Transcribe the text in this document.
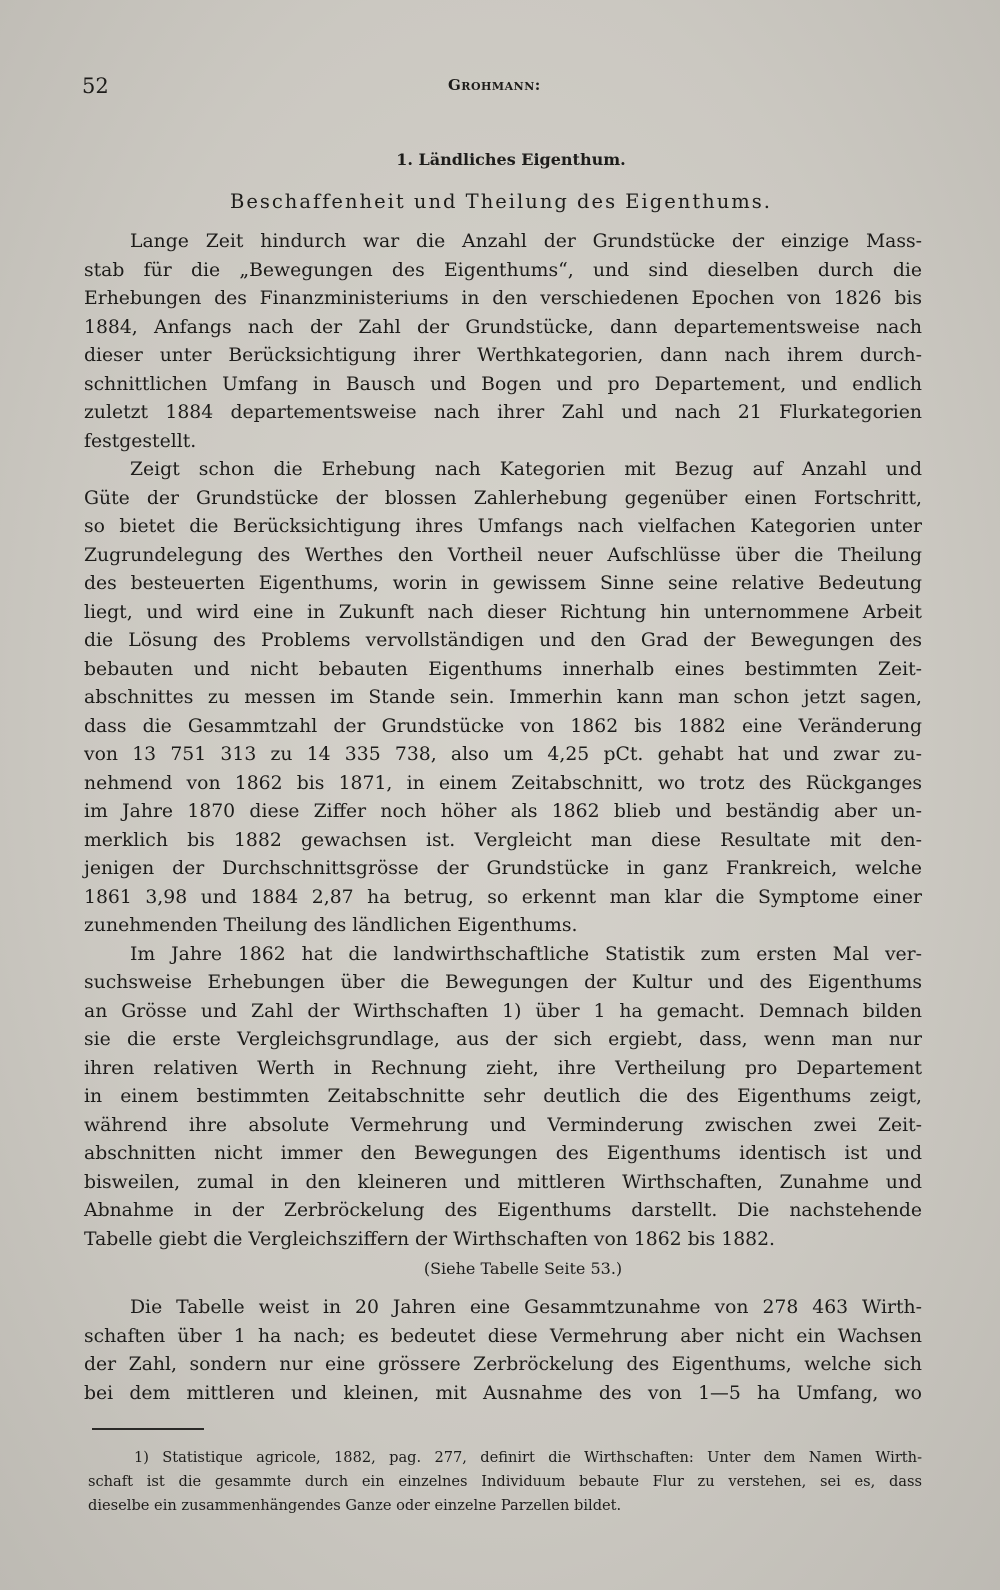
52	Grohmann:
1. Ländliches Eigenthum.
Beschaffenheit und Theilung des Eigenthums.
Lange Zeit hindurch war die Anzahl der Grundstücke der einzige Mass-
stab für die „Bewegungen des Eigenthums“, und sind dieselben durch die
Erhebungen des Finanzministeriums in den verschiedenen Epochen von 1826 bis
1884, Anfangs nach der Zahl der Grundstücke, dann departementsweise nach
dieser unter Berücksichtigung ihrer Werthkategorien, dann nach ihrem durch-
schnittlichen Umfang in Bausch und Bogen und pro Departement, und endlich
zuletzt 1884 departementsweise nach ihrer Zahl und nach 21 Flurkategorien
festgestellt.
Zeigt schon die Erhebung nach Kategorien mit Bezug auf Anzahl und
Güte der Grundstücke der blossen Zahlerhebung gegenüber einen Fortschritt,
so bietet die Berücksichtigung ihres Umfangs nach vielfachen Kategorien unter
Zugrundelegung des Werthes den Vortheil neuer Aufschlüsse über die Theilung
des besteuerten Eigenthums, worin in gewissem Sinne seine relative Bedeutung
liegt, und wird eine in Zukunft nach dieser Richtung hin unternommene Arbeit
die Lösung des Problems vervollständigen und den Grad der Bewegungen des
bebauten und nicht bebauten Eigenthums innerhalb eines bestimmten Zeit-
abschnittes zu messen im Stande sein. Immerhin kann man schon jetzt sagen,
dass die Gesammtzahl der Grundstücke von 1862 bis 1882 eine Veränderung
von 13 751 313 zu 14 335 738, also um 4,25 pCt. gehabt hat und zwar zu-
nehmend von 1862 bis 1871, in einem Zeitabschnitt, wo trotz des Rückganges
im Jahre 1870 diese Ziffer noch höher als 1862 blieb und beständig aber un-
merklich bis 1882 gewachsen ist. Vergleicht man diese Resultate mit den-
jenigen der Durchschnittsgrösse der Grundstücke in ganz Frankreich, welche
1861 3,98 und 1884 2,87 ha betrug, so erkennt man klar die Symptome einer
zunehmenden Theilung des ländlichen Eigenthums.
Im Jahre 1862 hat die landwirthschaftliche Statistik zum ersten Mal ver-
suchsweise Erhebungen über die Bewegungen der Kultur und des Eigenthums
an Grösse und Zahl der Wirthschaften 1) über 1 ha gemacht. Demnach bilden
sie die erste Vergleichsgrundlage, aus der sich ergiebt, dass, wenn man nur
ihren relativen Werth in Rechnung zieht, ihre Vertheilung pro Departement
in einem bestimmten Zeitabschnitte sehr deutlich die des Eigenthums zeigt,
während ihre absolute Vermehrung und Verminderung zwischen zwei Zeit-
abschnitten nicht immer den Bewegungen des Eigenthums identisch ist und
bisweilen, zumal in den kleineren und mittleren Wirthschaften, Zunahme und
Abnahme in der Zerbröckelung des Eigenthums darstellt. Die nachstehende
Tabelle giebt die Vergleichsziffern der Wirthschaften von 1862 bis 1882.
(Siehe Tabelle Seite 53.)
Die Tabelle weist in 20 Jahren eine Gesammtzunahme von 278 463 Wirth-
schaften über 1 ha nach; es bedeutet diese Vermehrung aber nicht ein Wachsen
der Zahl, sondern nur eine grössere Zerbröckelung des Eigenthums, welche sich
bei dem mittleren und kleinen, mit Ausnahme des von 1—5 ha Umfang, wo
1) Statistique agricole, 1882, pag. 277, definirt die Wirthschaften: Unter dem Namen Wirth-
schaft ist die gesammte durch ein einzelnes Individuum bebaute Flur zu verstehen, sei es, dass
dieselbe ein zusammenhängendes Ganze oder einzelne Parzellen bildet.
